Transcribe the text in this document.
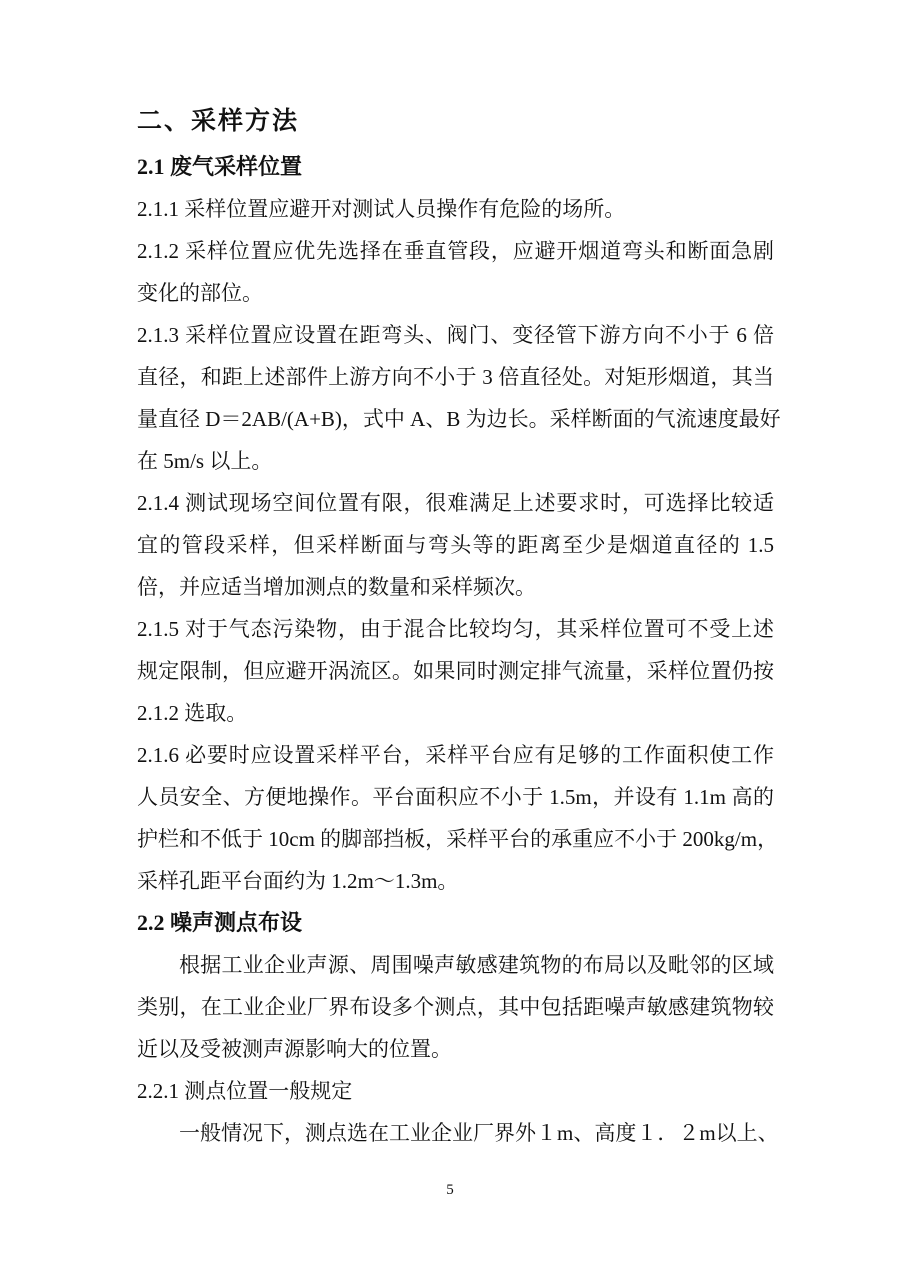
二、采样方法
2.1 废气采样位置
2.1.1 采样位置应避开对测试人员操作有危险的场所。
2.1.2 采样位置应优先选择在垂直管段，应避开烟道弯头和断面急剧
变化的部位。
2.1.3 采样位置应设置在距弯头、阀门、变径管下游方向不小于 6 倍
直径，和距上述部件上游方向不小于 3 倍直径处。对矩形烟道，其当
量直径 D＝2AB/(A+B)，式中 A、B 为边长。采样断面的气流速度最好
在 5m/s 以上。
2.1.4 测试现场空间位置有限，很难满足上述要求时，可选择比较适
宜的管段采样，但采样断面与弯头等的距离至少是烟道直径的 1.5
倍，并应适当增加测点的数量和采样频次。
2.1.5 对于气态污染物，由于混合比较均匀，其采样位置可不受上述
规定限制，但应避开涡流区。如果同时测定排气流量，采样位置仍按
2.1.2 选取。
2.1.6 必要时应设置采样平台，采样平台应有足够的工作面积使工作
人员安全、方便地操作。平台面积应不小于 1.5m，并设有 1.1m 高的
护栏和不低于 10cm 的脚部挡板，采样平台的承重应不小于 200kg/m，
采样孔距平台面约为 1.2m～1.3m。
2.2 噪声测点布设
根据工业企业声源、周围噪声敏感建筑物的布局以及毗邻的区域
类别，在工业企业厂界布设多个测点，其中包括距噪声敏感建筑物较
近以及受被测声源影响大的位置。
2.2.1 测点位置一般规定
一般情况下，测点选在工业企业厂界外１m、高度１．２m以上、
5
